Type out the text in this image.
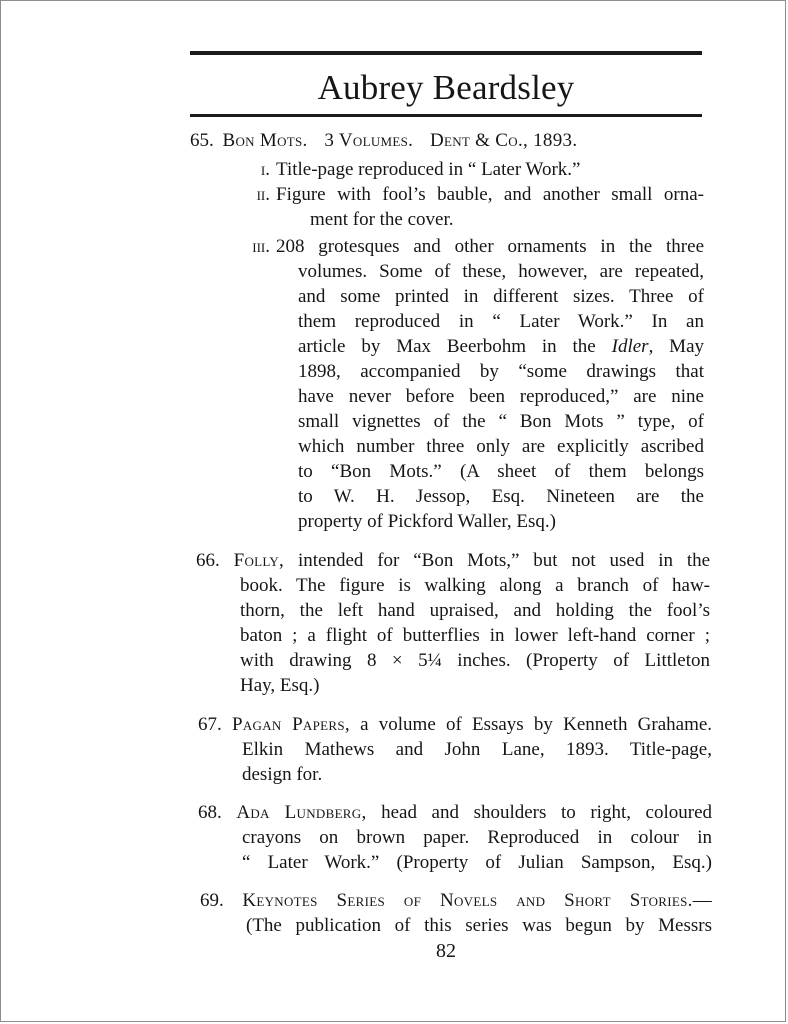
Aubrey Beardsley
65. Bon Mots. 3 Volumes. Dent & Co., 1893.
i. Title-page reproduced in “ Later Work.”
ii. Figure with fool’s bauble, and another small orna-
ment for the cover.
iii. 208 grotesques and other ornaments in the three
volumes. Some of these, however, are repeated,
and some printed in different sizes. Three of
them reproduced in “ Later Work.” In an
article by Max Beerbohm in the Idler, May
1898, accompanied by “some drawings that
have never before been reproduced,” are nine
small vignettes of the “ Bon Mots ” type, of
which number three only are explicitly ascribed
to “Bon Mots.” (A sheet of them belongs
to W. H. Jessop, Esq. Nineteen are the
property of Pickford Waller, Esq.)
66. Folly, intended for “Bon Mots,” but not used in the
book. The figure is walking along a branch of haw-
thorn, the left hand upraised, and holding the fool’s
baton ; a flight of butterflies in lower left-hand corner ;
with drawing 8 × 5¼ inches. (Property of Littleton
Hay, Esq.)
67. Pagan Papers, a volume of Essays by Kenneth Grahame.
Elkin Mathews and John Lane, 1893. Title-page,
design for.
68. Ada Lundberg, head and shoulders to right, coloured
crayons on brown paper. Reproduced in colour in
“ Later Work.” (Property of Julian Sampson, Esq.)
69. Keynotes Series of Novels and Short Stories.—
(The publication of this series was begun by Messrs
82
